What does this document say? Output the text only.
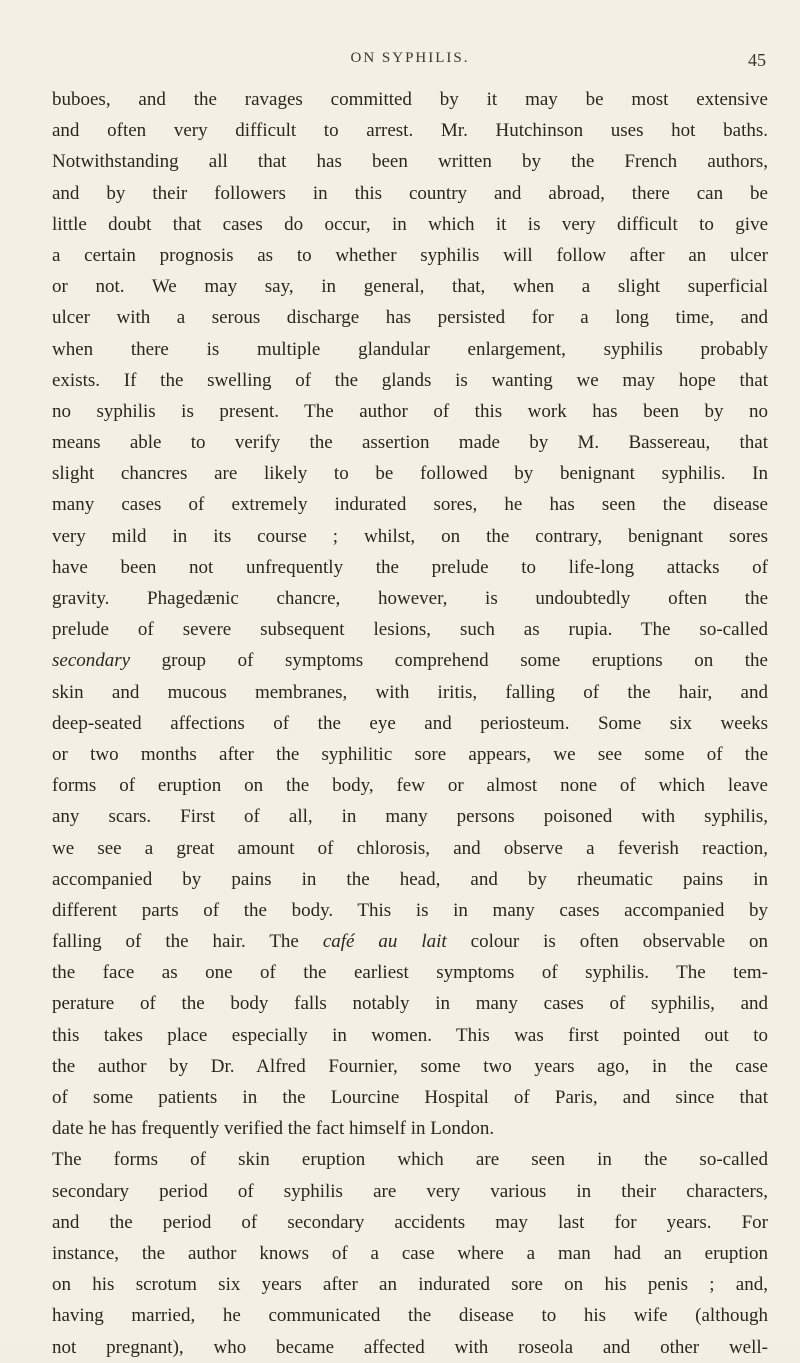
ON SYPHILIS.	45
buboes, and the ravages committed by it may be most extensive
and often very difficult to arrest. Mr. Hutchinson uses hot baths.
Notwithstanding all that has been written by the French authors,
and by their followers in this country and abroad, there can be
little doubt that cases do occur, in which it is very difficult to give
a certain prognosis as to whether syphilis will follow after an ulcer
or not. We may say, in general, that, when a slight superficial
ulcer with a serous discharge has persisted for a long time, and
when there is multiple glandular enlargement, syphilis probably
exists. If the swelling of the glands is wanting we may hope that
no syphilis is present. The author of this work has been by no
means able to verify the assertion made by M. Bassereau, that
slight chancres are likely to be followed by benignant syphilis. In
many cases of extremely indurated sores, he has seen the disease
very mild in its course ; whilst, on the contrary, benignant sores
have been not unfrequently the prelude to life-long attacks of
gravity. Phagedænic chancre, however, is undoubtedly often the
prelude of severe subsequent lesions, such as rupia. The so-called
secondary group of symptoms comprehend some eruptions on the
skin and mucous membranes, with iritis, falling of the hair, and
deep-seated affections of the eye and periosteum. Some six weeks
or two months after the syphilitic sore appears, we see some of the
forms of eruption on the body, few or almost none of which leave
any scars. First of all, in many persons poisoned with syphilis,
we see a great amount of chlorosis, and observe a feverish reaction,
accompanied by pains in the head, and by rheumatic pains in
different parts of the body. This is in many cases accompanied by
falling of the hair. The café au lait colour is often observable on
the face as one of the earliest symptoms of syphilis. The tem-
perature of the body falls notably in many cases of syphilis, and
this takes place especially in women. This was first pointed out to
the author by Dr. Alfred Fournier, some two years ago, in the case
of some patients in the Lourcine Hospital of Paris, and since that
date he has frequently verified the fact himself in London.
The forms of skin eruption which are seen in the so-called
secondary period of syphilis are very various in their characters,
and the period of secondary accidents may last for years. For
instance, the author knows of a case where a man had an eruption
on his scrotum six years after an indurated sore on his penis ; and,
having married, he communicated the disease to his wife (although
not pregnant), who became affected with roseola and other well-
